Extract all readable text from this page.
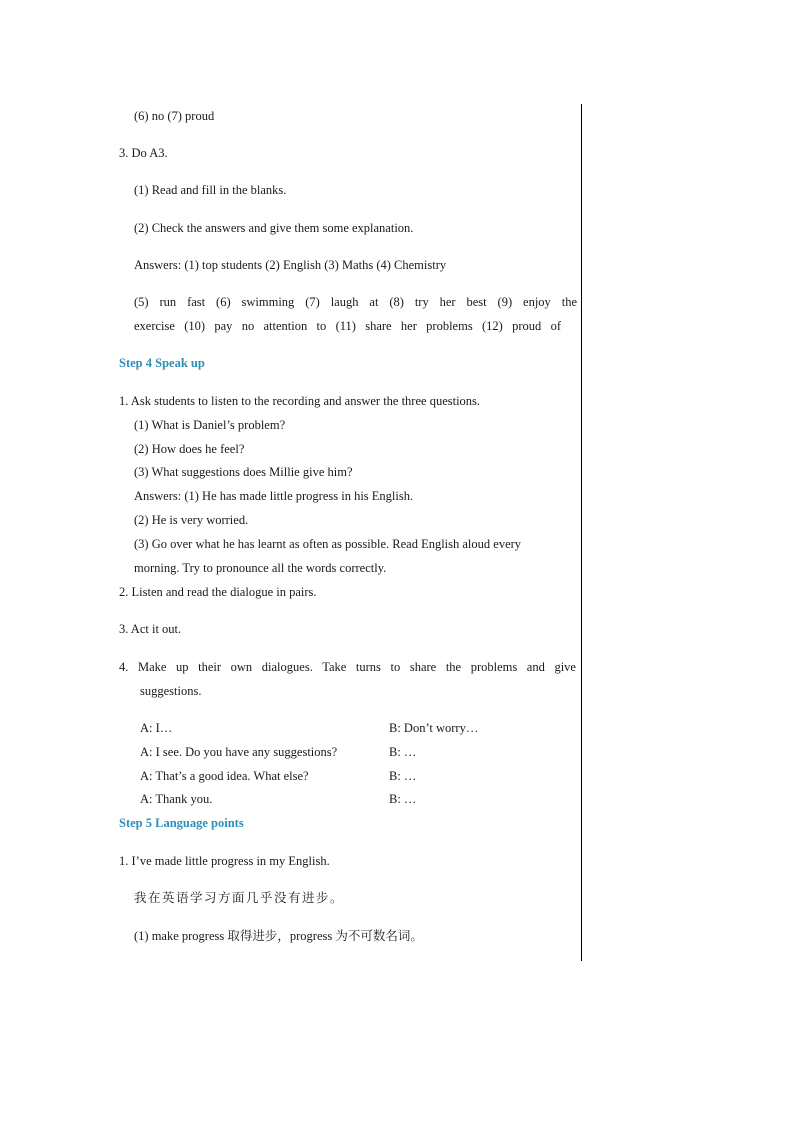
(6) no (7) proud
3. Do A3.
(1) Read and fill in the blanks.
(2) Check the answers and give them some explanation.
Answers: (1) top students (2) English (3) Maths (4) Chemistry
(5) run fast (6) swimming (7) laugh at (8) try her best (9) enjoy the
exercise (10) pay no attention to (11) share her problems (12) proud of
Step 4 Speak up
1. Ask students to listen to the recording and answer the three questions.
(1) What is Daniel’s problem?
(2) How does he feel?
(3) What suggestions does Millie give him?
Answers: (1) He has made little progress in his English.
(2) He is very worried.
(3) Go over what he has learnt as often as possible. Read English aloud every
morning. Try to pronounce all the words correctly.
2. Listen and read the dialogue in pairs.
3. Act it out.
4. Make up their own dialogues. Take turns to share the problems and give
suggestions.
A: I…	B: Don’t worry…
A: I see. Do you have any suggestions?	B: …
A: That’s a good idea. What else?	B: …
A: Thank you.	B: …
Step 5 Language points
1. I’ve made little progress in my English.
我在英语学习方面几乎没有进步。
(1) make progress 取得进步，progress 为不可数名词。
